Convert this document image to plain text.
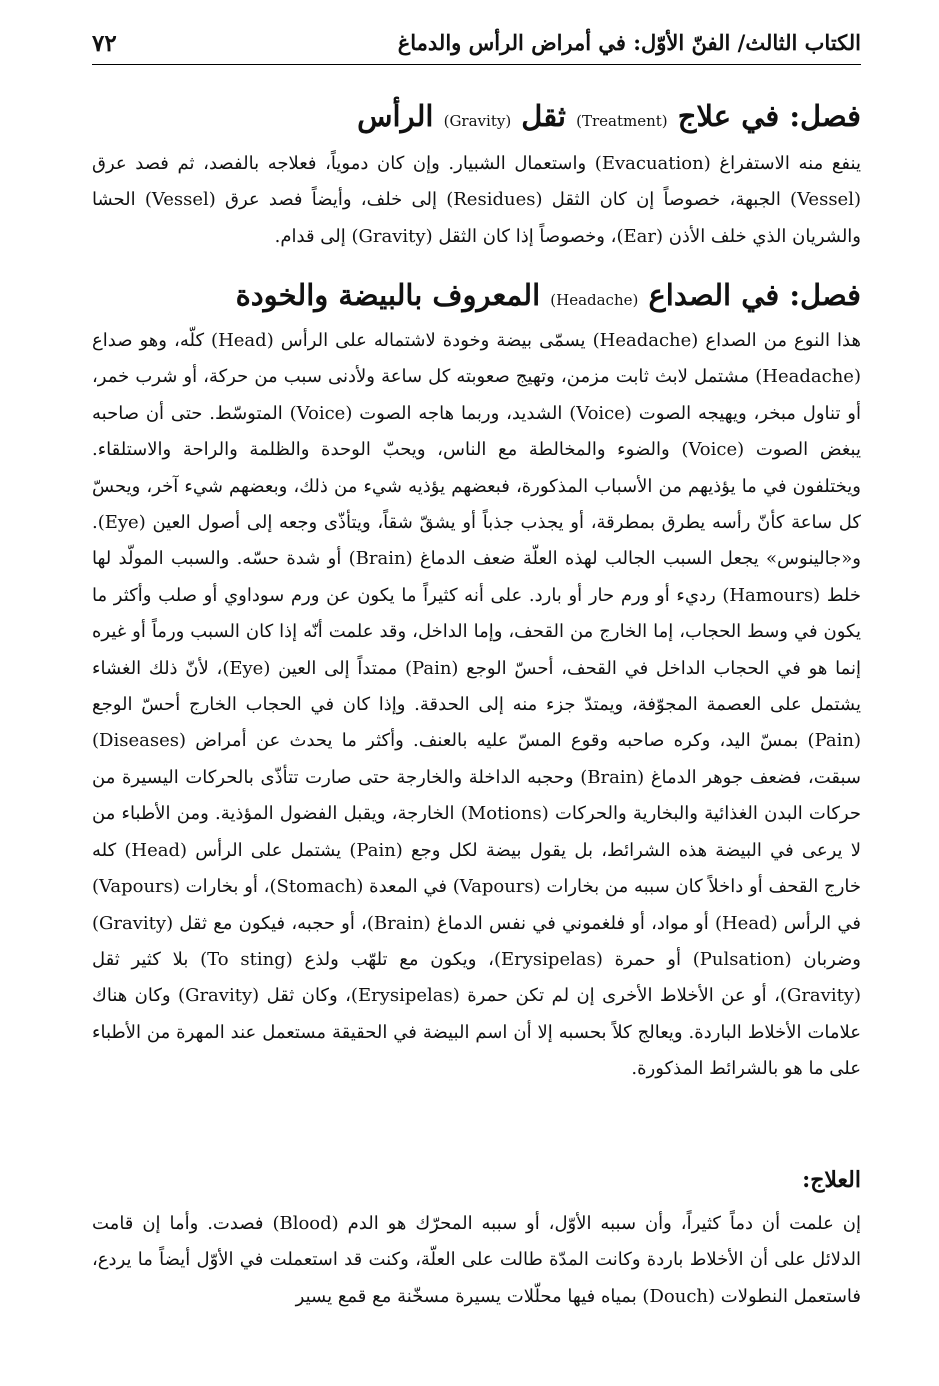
الكتاب الثالث/ الفنّ الأوّل: في أمراض الرأس والدماغ
٧٢
فصل: في علاج (Treatment) ثقل (Gravity) الرأس

ينفع منه الاستفراغ (Evacuation) واستعمال الشبيار. وإن كان دموياً، فعلاجه بالفصد، ثم فصد عرق (Vessel) الجبهة، خصوصاً إن كان الثقل (Residues) إلى خلف، وأيضاً فصد عرق (Vessel) الحشا والشريان الذي خلف الأذن (Ear)، وخصوصاً إذا كان الثقل (Gravity) إلى قدام.

فصل: في الصداع (Headache) المعروف بالبيضة والخودة

هذا النوع من الصداع (Headache) يسمّى بيضة وخودة لاشتماله على الرأس (Head) كلّه، وهو صداع (Headache) مشتمل لابث ثابت مزمن، وتهيج صعوبته كل ساعة ولأدنى سبب من حركة، أو شرب خمر، أو تناول مبخر، ويهيجه الصوت (Voice) الشديد، وربما هاجه الصوت (Voice) المتوسّط. حتى أن صاحبه يبغض الصوت (Voice) والضوء والمخالطة مع الناس، ويحبّ الوحدة والظلمة والراحة والاستلقاء. ويختلفون في ما يؤذيهم من الأسباب المذكورة، فبعضهم يؤذيه شيء من ذلك، وبعضهم شيء آخر، ويحسّ كل ساعة كأنّ رأسه يطرق بمطرقة، أو يجذب جذباً أو يشقّ شقاً، ويتأذّى وجعه إلى أصول العين (Eye). و«جالينوس» يجعل السبب الجالب لهذه العلّة ضعف الدماغ (Brain) أو شدة حسّه. والسبب المولّد لها خلط (Hamours) رديء أو ورم حار أو بارد. على أنه كثيراً ما يكون عن ورم سوداوي أو صلب وأكثر ما يكون في وسط الحجاب، إما الخارج من القحف، وإما الداخل، وقد علمت أنّه إذا كان السبب ورماً أو غيره إنما هو في الحجاب الداخل في القحف، أحسّ الوجع (Pain) ممتداً إلى العين (Eye)، لأنّ ذلك الغشاء يشتمل على العصمة المجوّفة، ويمتدّ جزء منه إلى الحدقة. وإذا كان في الحجاب الخارج أحسّ الوجع (Pain) بمسّ اليد، وكره صاحبه وقوع المسّ عليه بالعنف. وأكثر ما يحدث عن أمراض (Diseases) سبقت، فضعف جوهر الدماغ (Brain) وحجبه الداخلة والخارجة حتى صارت تتأذّى بالحركات اليسيرة من حركات البدن الغذائية والبخارية والحركات (Motions) الخارجة، ويقبل الفضول المؤذية. ومن الأطباء من لا يرعى في البيضة هذه الشرائط، بل يقول بيضة لكل وجع (Pain) يشتمل على الرأس (Head) كله خارج القحف أو داخلاً كان سببه من بخارات (Vapours) في المعدة (Stomach)، أو بخارات (Vapours) في الرأس (Head) أو مواد، أو فلغموني في نفس الدماغ (Brain)، أو حجبه، فيكون مع ثقل (Gravity) وضربان (Pulsation) أو حمرة (Erysipelas)، ويكون مع تلهّب ولذع (To sting) بلا كثير ثقل (Gravity)، أو عن الأخلاط الأخرى إن لم تكن حمرة (Erysipelas)، وكان ثقل (Gravity) وكان هناك علامات الأخلاط الباردة. ويعالج كلاً بحسبه إلا أن اسم البيضة في الحقيقة مستعمل عند المهرة من الأطباء على ما هو بالشرائط المذكورة.

العلاج:

إن علمت أن دماً كثيراً، وأن سببه الأوّل، أو سببه المحرّك هو الدم (Blood) فصدت. وأما إن قامت الدلائل على أن الأخلاط باردة وكانت المدّة طالت على العلّة، وكنت قد استعملت في الأوّل أيضاً ما يردع، فاستعمل النطولات (Douch) بمياه فيها محلّلات يسيرة مسخّنة مع قمع يسير
